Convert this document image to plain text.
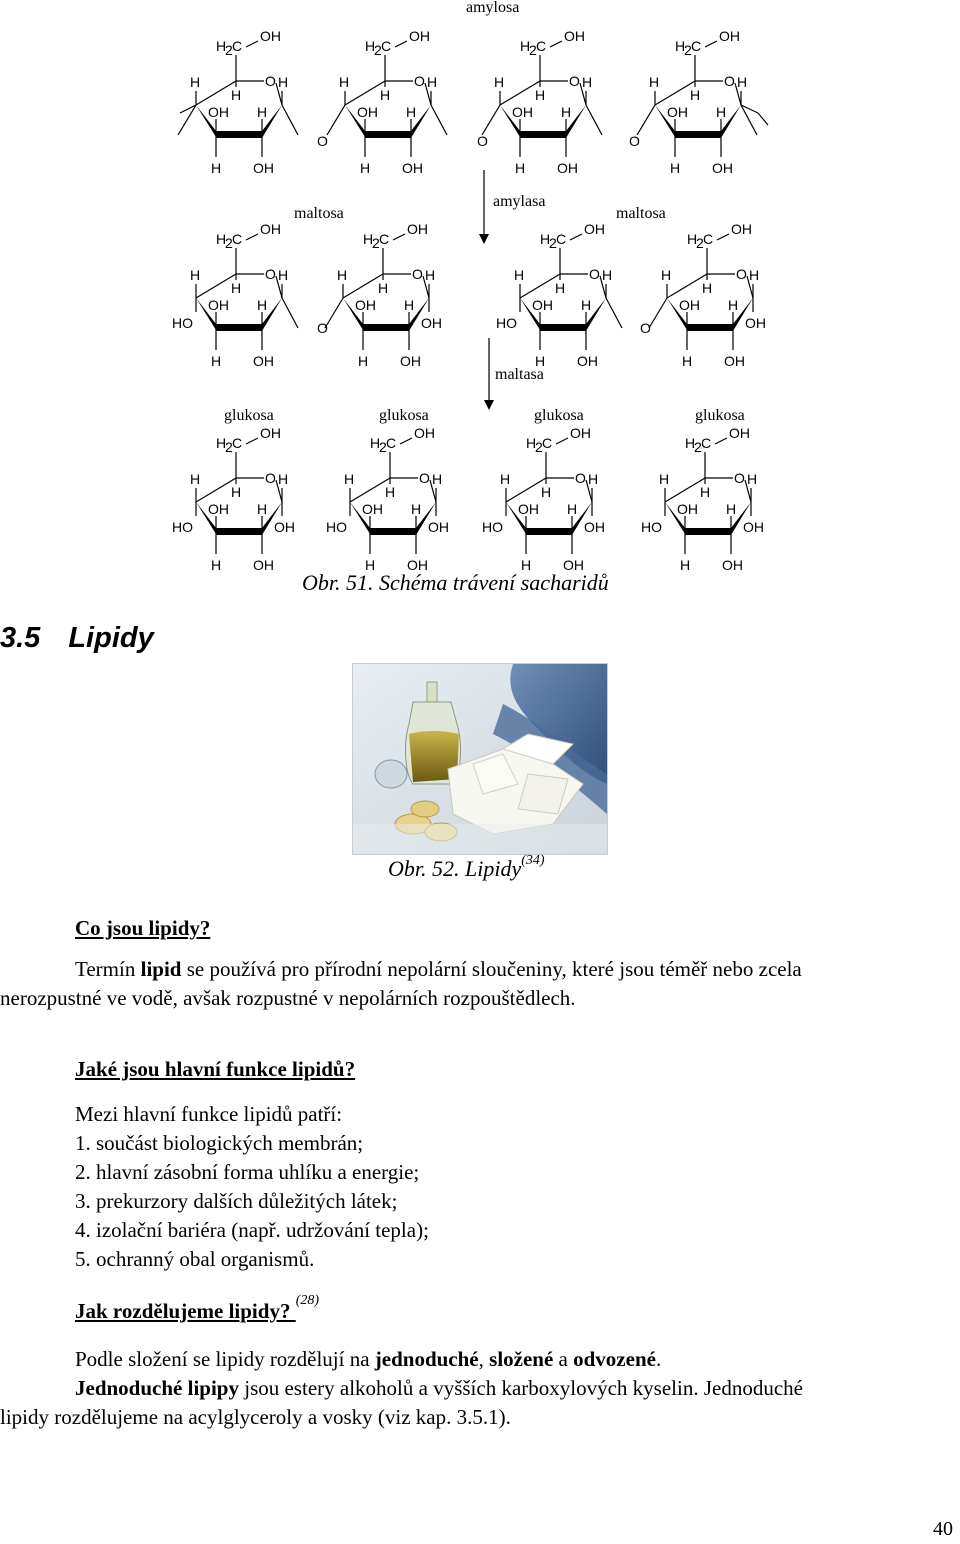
O
H
2 C
OH
H
H
OH
H
H
OH
H	O
H
2 C
OH
H
H
OH
H
H
OH
H	O
H
2 C
OH
H
H
OH
H
H
OH
H	O
H
2 C
OH
H
H
OH
H
H
OH
H
O	O	O
O
H
2 C
OH
H
H
HO
OH
H
H
OH
H	O
H
2 C
OH
H
H
OH
H
H
OH
H
OH
O
H
2 C
OH
H
H
HO
OH
H
H
OH
H	O
H
2 C
OH
H
H
OH
H
H
OH
H
OH
O	O
O
H
2 C
OH
H
H
HO
OH
H
H
OH
H
OH
O
H
2 C
OH
H
H
HO
OH
H
H
OH
H
OH
O
H
2 C
OH
H
H
HO
OH
H
H
OH
H
OH
O
H
2 C
OH
H
H
HO
OH
H
H
OH
H
OH
amylosa
maltosa
amylasa
maltosa
maltasa
glukosa	glukosa	glukosa	glukosa
Obr. 51. Schéma trávení sacharidů
3.5 Lipidy
Obr. 52. Lipidy$^{(34)}$
Co jsou lipidy?
Termín lipid se používá pro přírodní nepolární sloučeniny, které jsou téměř nebo zcela
nerozpustné ve vodě, avšak rozpustné v nepolárních rozpouštědlech.
Jaké jsou hlavní funkce lipidů?
Mezi hlavní funkce lipidů patří:
1. součást biologických membrán;
2. hlavní zásobní forma uhlíku a energie;
3. prekurzory dalších důležitých látek;
4. izolační bariéra (např. udržování tepla);
5. ochranný obal organismů.
Jak rozdělujeme lipidy? $^{(28)}$
Podle složení se lipidy rozdělují na jednoduché, složené a odvozené.
Jednoduché lipipy jsou estery alkoholů a vyšších karboxylových kyselin. Jednoduché
lipidy rozdělujeme na acylglyceroly a vosky (viz kap. 3.5.1).
40
